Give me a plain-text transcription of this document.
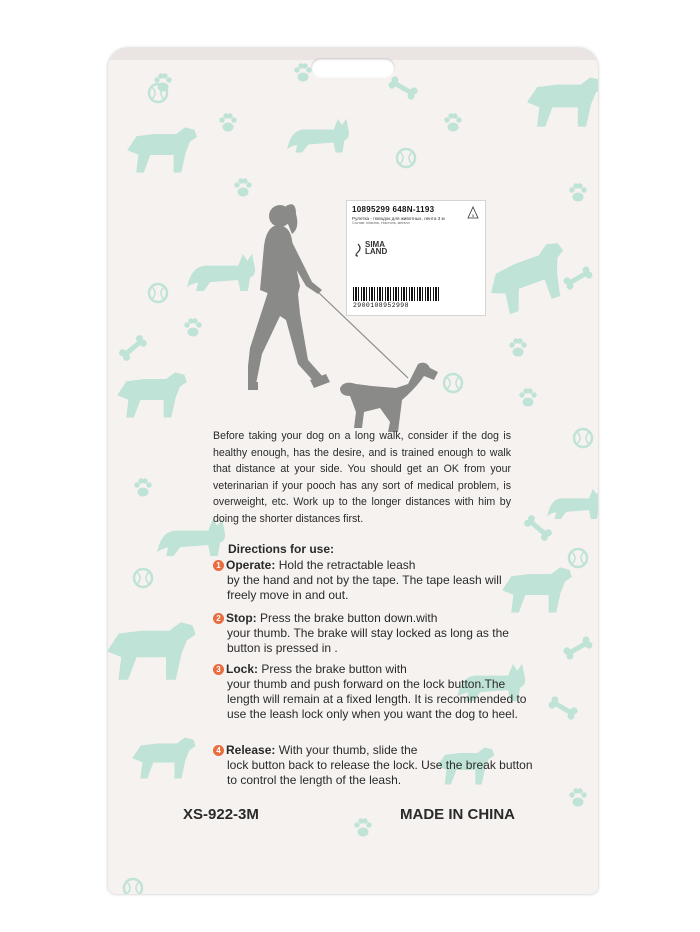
10895299 648N-1193
Рулетка - поводок для животных, лента 3 м
Состав: пластик, текстиль, металл
5
SIMA
LAND
2900108952998
Before taking your dog on a long walk, consider if the dog is healthy enough, has the desire, and is trained enough to walk that distance at your side. You should get an OK from your veterinarian if your pooch has any sort of medical problem, is overweight, etc. Work up to the longer distances with him by doing the shorter distances first.
Directions for use:
1 Operate: Hold the retractable leash
by the hand and not by the tape. The tape leash will freely move in and out.
2 Stop: Press the brake button down.with
your thumb. The brake will stay locked as long as the button is pressed in .
3 Lock: Press the brake button with
your thumb and push forward on the lock button.The length will remain at a fixed length. It is recommended to use the leash lock only when you want the dog to heel.
4 Release: With your thumb, slide the
lock button back to release the lock. Use the break button to control the length of the leash.
XS-922-3M	MADE IN CHINA
